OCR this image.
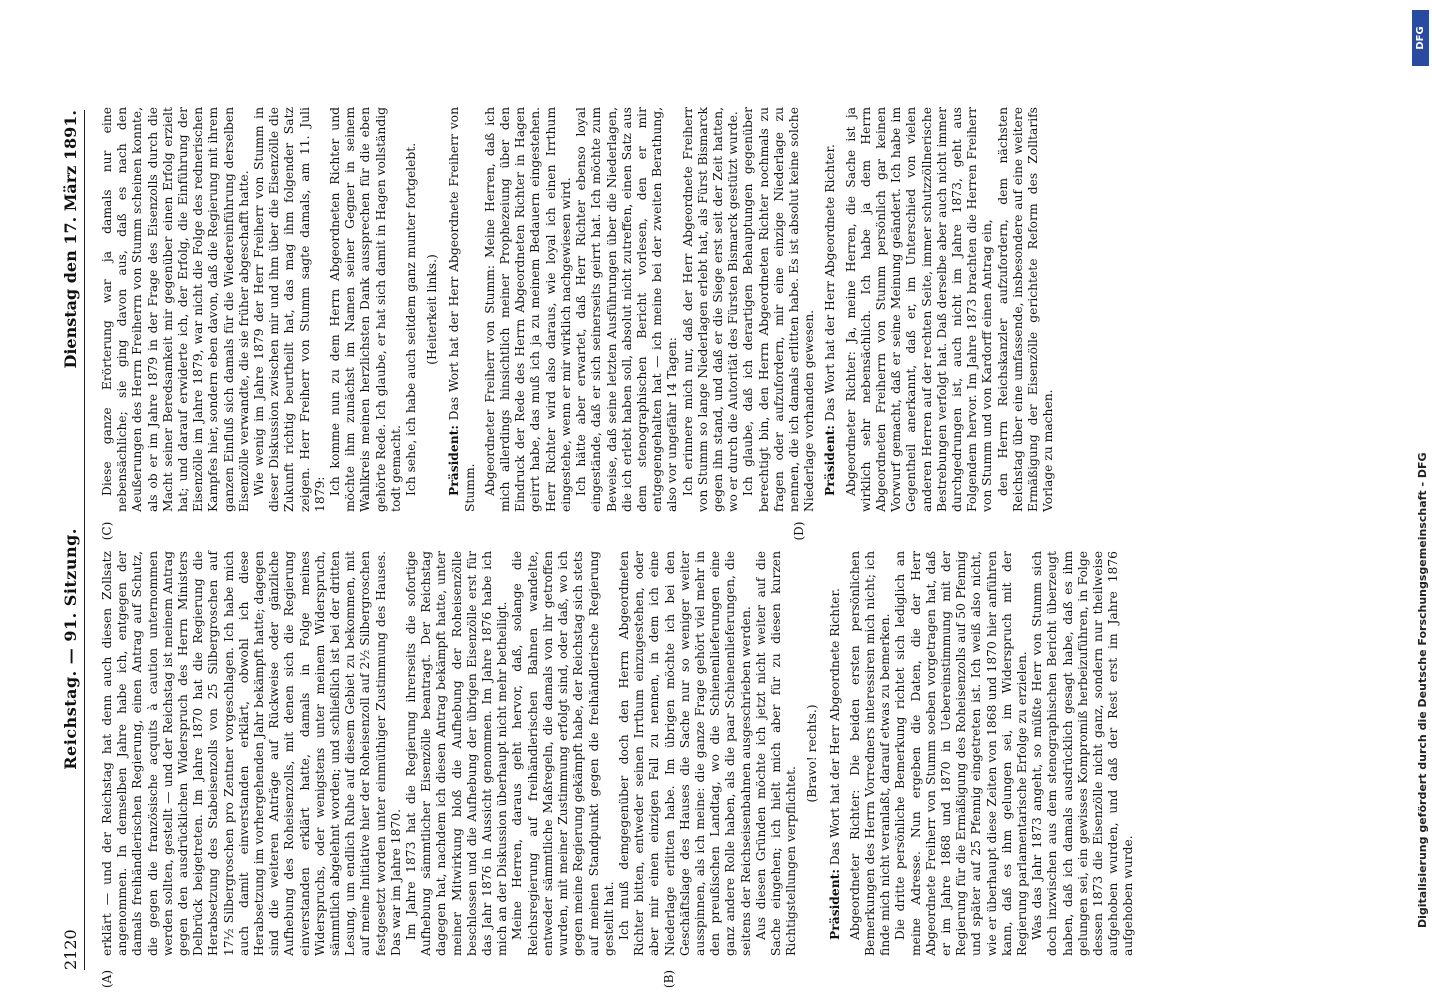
2120
Reichstag. — 91. Sitzung.
Dienstag den 17. März 1891.
(A)	(B)
(C)	(D)

erklärt — und der Reichstag hat denn auch diesen Zollsatz angenommen. In demselben Jahre habe ich, entgegen der damals freihändlerischen Regierung, einen Antrag auf Schutz, die gegen die französische acquits à caution unternommen werden sollten, gestellt — und der Reichstag ist meinem Antrag gegen den ausdrücklichen Widerspruch des Herrn Ministers Delbrück beigetreten. Im Jahre 1870 hat die Regierung die Herabsetzung des Stabeisenzolls von 25 Silbergroschen auf 17½ Silbergroschen pro Zentner vorgeschlagen. Ich habe mich auch damit einverstanden erklärt, obwohl ich diese Herabsetzung im vorhergehenden Jahr bekämpft hatte; dagegen sind die weiteren Anträge auf Rückweise oder gänzliche Aufhebung des Roheisenzolls, mit denen sich die Regierung einverstanden erklärt hatte, damals in Folge meines Widerspruchs, oder wenigstens unter meinem Widerspruch, sämmtlich abgelehnt worden; und schließlich ist bei der dritten Lesung, um endlich Ruhe auf diesem Gebiet zu bekommen, mit auf meine Initiative hier der Roheisenzoll auf 2½ Silbergroschen festgesetzt worden unter einmüthiger Zustimmung des Hauses. Das war im Jahre 1870. Im Jahre 1873 hat die Regierung ihrerseits die sofortige Aufhebung sämmtlicher Eisenzölle beantragt. Der Reichstag dagegen hat, nachdem ich diesen Antrag bekämpft hatte, unter meiner Mitwirkung bloß die Aufhebung der Roheisenzölle beschlossen und die Aufhebung der übrigen Eisenzölle erst für das Jahr 1876 in Aussicht genommen. Im Jahre 1876 habe ich mich an der Diskussion überhaupt nicht mehr betheiligt. Meine Herren, daraus geht hervor, daß, solange die Reichsregierung auf freihändlerischen Bahnen wandelte, entweder sämmtliche Maßregeln, die damals von ihr getroffen wurden, mit meiner Zustimmung erfolgt sind, oder daß, wo ich gegen meine Regierung gekämpft habe, der Reichstag sich stets auf meinen Standpunkt gegen die freihändlerische Regierung gestellt hat. Ich muß demgegenüber doch den Herrn Abgeordneten Richter bitten, entweder seinen Irrthum einzugestehen, oder aber mir einen einzigen Fall zu nennen, in dem ich eine Niederlage erlitten habe. Im übrigen möchte ich bei den Geschäftslage des Hauses die Sache nur so weniger weiter ausspinnen, als ich meine: die ganze Frage gehört viel mehr in den preußischen Landtag, wo die Schienenlieferungen eine ganz andere Rolle haben, als die paar Schienenlieferungen, die seitens der Reichseisenbahnen ausgeschrieben werden. Aus diesen Gründen möchte ich jetzt nicht weiter auf die Sache eingehen; ich hielt mich aber für zu diesen kurzen Richtigstellungen verpflichtet.

(Bravo! rechts.)

Präsident: Das Wort hat der Herr Abgeordnete Richter. Abgeordneter Richter: Die beiden ersten persönlichen Bemerkungen des Herrn Vorredners interessiren mich nicht; ich finde mich nicht veranlaßt, darauf etwas zu bemerken. Die dritte persönliche Bemerkung richtet sich lediglich an meine Adresse. Nun ergeben die Daten, die der Herr Abgeordnete Freiherr von Stumm soeben vorgetragen hat, daß er im Jahre 1868 und 1870 in Uebereinstimmung mit der Regierung für die Ermäßigung des Roheisenzolls auf 50 Pfennig und später auf 25 Pfennig eingetreten ist. Ich weiß also nicht, wie er überhaupt diese Zeiten von 1868 und 1870 hier anführen kann, daß es ihm gelungen sei, im Widerspruch mit der Regierung parlamentarische Erfolge zu erzielen. Was das Jahr 1873 angeht, so müßte Herr von Stumm sich doch inzwischen aus dem stenographischen Bericht überzeugt haben, daß ich damals ausdrücklich gesagt habe, daß es ihm gelungen sei, ein gewisses Kompromiß herbeizuführen, in Folge dessen 1873 die Eisenzölle nicht ganz, sondern nur theilweise aufgehoben wurden, und daß der Rest erst im Jahre 1876 aufgehoben wurde.

Diese ganze Erörterung war ja damals nur eine nebensächliche; sie ging davon aus, daß es nach den Aeußerungen des Herrn Freiherrn von Stumm scheinen konnte, als ob er im Jahre 1879 in der Frage des Eisenzolls durch die Macht seiner Beredsamkeit mir gegenüber einen Erfolg erzielt hat; und darauf erwiderte ich, der Erfolg, die Einführung der Eisenzölle im Jahre 1879, war nicht die Folge des rednerischen Kampfes hier, sondern eben davon, daß die Regierung mit ihrem ganzen Einfluß sich damals für die Wiedereinführung derselben Eisenzölle verwandte, die sie früher abgeschafft hatte. Wie wenig im Jahre 1879 der Herr Freiherr von Stumm in dieser Diskussion zwischen mir und ihm über die Eisenzölle die Zukunft richtig beurtheilt hat, das mag ihm folgender Satz zeigen. Herr Freiherr von Stumm sagte damals, am 11. Juli 1879: Ich komme nun zu dem Herrn Abgeordneten Richter und möchte ihm zunächst im Namen seiner Gegner in seinem Wahlkreis meinen herzlichsten Dank aussprechen für die eben gehörte Rede. Ich glaube, er hat sich damit in Hagen vollständig todt gemacht. Ich sehe, ich habe auch seitdem ganz munter fortgelebt. (Heiterkeit links.)

Präsident: Das Wort hat der Herr Abgeordnete Freiherr von Stumm. Abgeordneter Freiherr von Stumm: Meine Herren, daß ich mich allerdings hinsichtlich meiner Prophezeiung über den Eindruck der Rede des Herrn Abgeordneten Richter in Hagen geirrt habe, das muß ich ja zu meinem Bedauern eingestehen. Herr Richter wird also daraus, wie loyal ich einen Irrthum eingestehe, wenn er mir wirklich nachgewiesen wird. Ich hätte aber erwartet, daß Herr Richter ebenso loyal eingestände, daß er sich seinerseits geirrt hat. Ich möchte zum Beweise, daß seine letzten Ausführungen über die Niederlagen, die ich erlebt haben soll, absolut nicht zutreffen, einen Satz aus dem stenographischen Bericht vorlesen, den er mir entgegengehalten hat — ich meine bei der zweiten Berathung, also vor ungefähr 14 Tagen: Ich erinnere mich nur, daß der Herr Abgeordnete Freiherr von Stumm so lange Niederlagen erlebt hat, als Fürst Bismarck gegen ihn stand, und daß er die Siege erst seit der Zeit hatten, wo er durch die Autorität des Fürsten Bismarck gestützt wurde. Ich glaube, daß ich derartigen Behauptungen gegenüber berechtigt bin, den Herrn Abgeordneten Richter nochmals zu fragen oder aufzufordern, mir eine einzige Niederlage zu nennen, die ich damals erlitten habe. Es ist absolut keine solche Niederlage vorhanden gewesen. Präsident: Das Wort hat der Herr Abgeordnete Richter. Abgeordneter Richter: Ja, meine Herren, die Sache ist ja wirklich sehr nebensächlich. Ich habe ja dem Herrn Abgeordneten Freiherrn von Stumm persönlich gar keinen Vorwurf gemacht, daß er seine Meinung geändert. Ich habe im Gegentheil anerkannt, daß er, im Unterschied von vielen anderen Herren auf der rechten Seite, immer schutzzöllnerische Bestrebungen verfolgt hat. Daß derselbe aber auch nicht immer durchgedrungen ist, auch nicht im Jahre 1873, geht aus Folgendem hervor. Im Jahre 1873 brachten die Herren Freiherr von Stumm und von Kardorff einen Antrag ein, den Herrn Reichskanzler aufzufordern, dem nächsten Reichstag über eine umfassende, insbesondere auf eine weitere Ermäßigung der Eisenzölle gerichtete Reform des Zolltarifs Vorlage zu machen.

DFG
Digitalisierung gefördert durch die Deutsche Forschungsgemeinschaft - DFG
